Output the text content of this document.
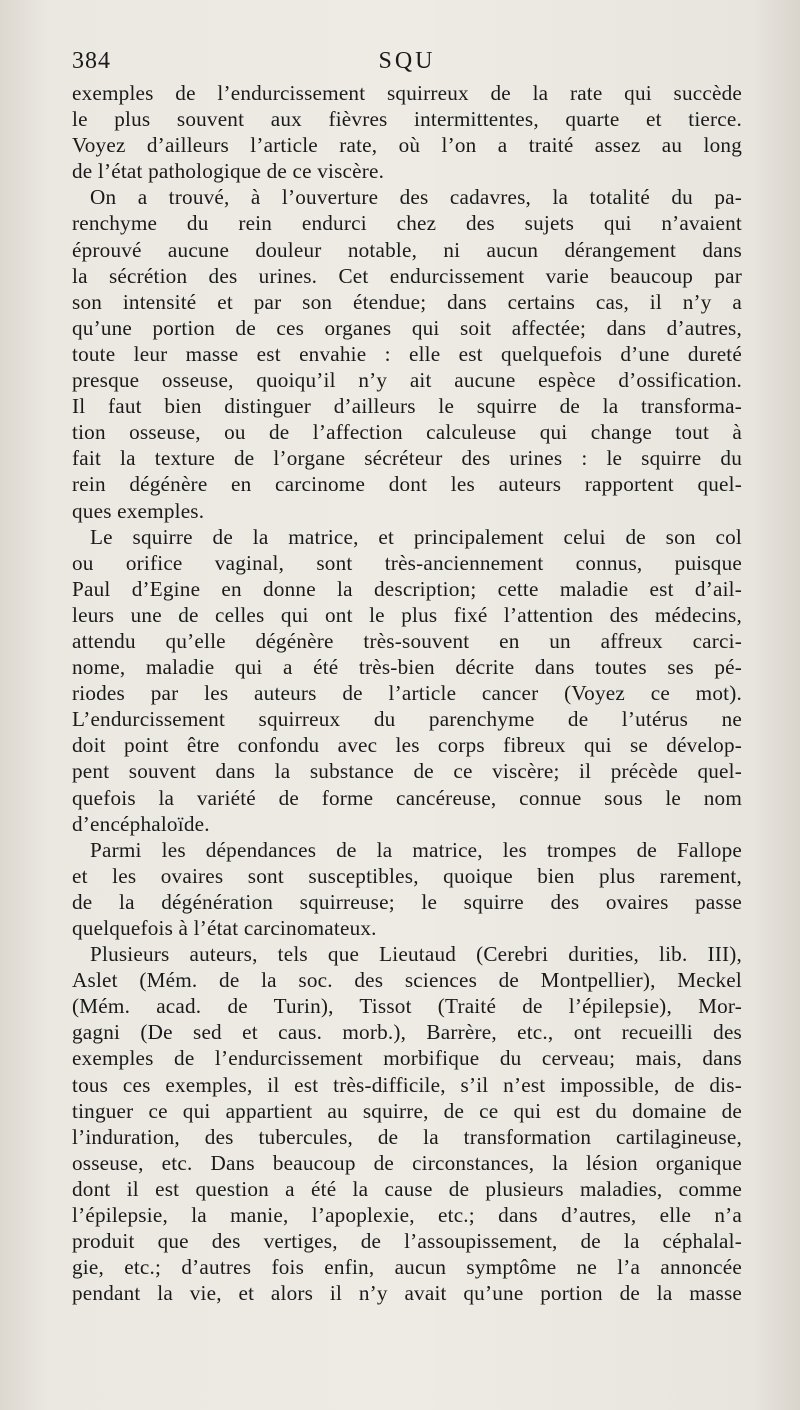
384	SQU
exemples de l’endurcissement squirreux de la rate qui succède
le plus souvent aux fièvres intermittentes, quarte et tierce.
Voyez d’ailleurs l’article rate, où l’on a traité assez au long
de l’état pathologique de ce viscère.
On a trouvé, à l’ouverture des cadavres, la totalité du pa-
renchyme du rein endurci chez des sujets qui n’avaient
éprouvé aucune douleur notable, ni aucun dérangement dans
la sécrétion des urines. Cet endurcissement varie beaucoup par
son intensité et par son étendue; dans certains cas, il n’y a
qu’une portion de ces organes qui soit affectée; dans d’autres,
toute leur masse est envahie : elle est quelquefois d’une dureté
presque osseuse, quoiqu’il n’y ait aucune espèce d’ossification.
Il faut bien distinguer d’ailleurs le squirre de la transforma-
tion osseuse, ou de l’affection calculeuse qui change tout à
fait la texture de l’organe sécréteur des urines : le squirre du
rein dégénère en carcinome dont les auteurs rapportent quel-
ques exemples.
Le squirre de la matrice, et principalement celui de son col
ou orifice vaginal, sont très-anciennement connus, puisque
Paul d’Egine en donne la description; cette maladie est d’ail-
leurs une de celles qui ont le plus fixé l’attention des médecins,
attendu qu’elle dégénère très-souvent en un affreux carci-
nome, maladie qui a été très-bien décrite dans toutes ses pé-
riodes par les auteurs de l’article cancer (Voyez ce mot).
L’endurcissement squirreux du parenchyme de l’utérus ne
doit point être confondu avec les corps fibreux qui se dévelop-
pent souvent dans la substance de ce viscère; il précède quel-
quefois la variété de forme cancéreuse, connue sous le nom
d’encéphaloïde.
Parmi les dépendances de la matrice, les trompes de Fallope
et les ovaires sont susceptibles, quoique bien plus rarement,
de la dégénération squirreuse; le squirre des ovaires passe
quelquefois à l’état carcinomateux.
Plusieurs auteurs, tels que Lieutaud (Cerebri durities, lib. III),
Aslet (Mém. de la soc. des sciences de Montpellier), Meckel
(Mém. acad. de Turin), Tissot (Traité de l’épilepsie), Mor-
gagni (De sed et caus. morb.), Barrère, etc., ont recueilli des
exemples de l’endurcissement morbifique du cerveau; mais, dans
tous ces exemples, il est très-difficile, s’il n’est impossible, de dis-
tinguer ce qui appartient au squirre, de ce qui est du domaine de
l’induration, des tubercules, de la transformation cartilagineuse,
osseuse, etc. Dans beaucoup de circonstances, la lésion organique
dont il est question a été la cause de plusieurs maladies, comme
l’épilepsie, la manie, l’apoplexie, etc.; dans d’autres, elle n’a
produit que des vertiges, de l’assoupissement, de la céphalal-
gie, etc.; d’autres fois enfin, aucun symptôme ne l’a annoncée
pendant la vie, et alors il n’y avait qu’une portion de la masse
